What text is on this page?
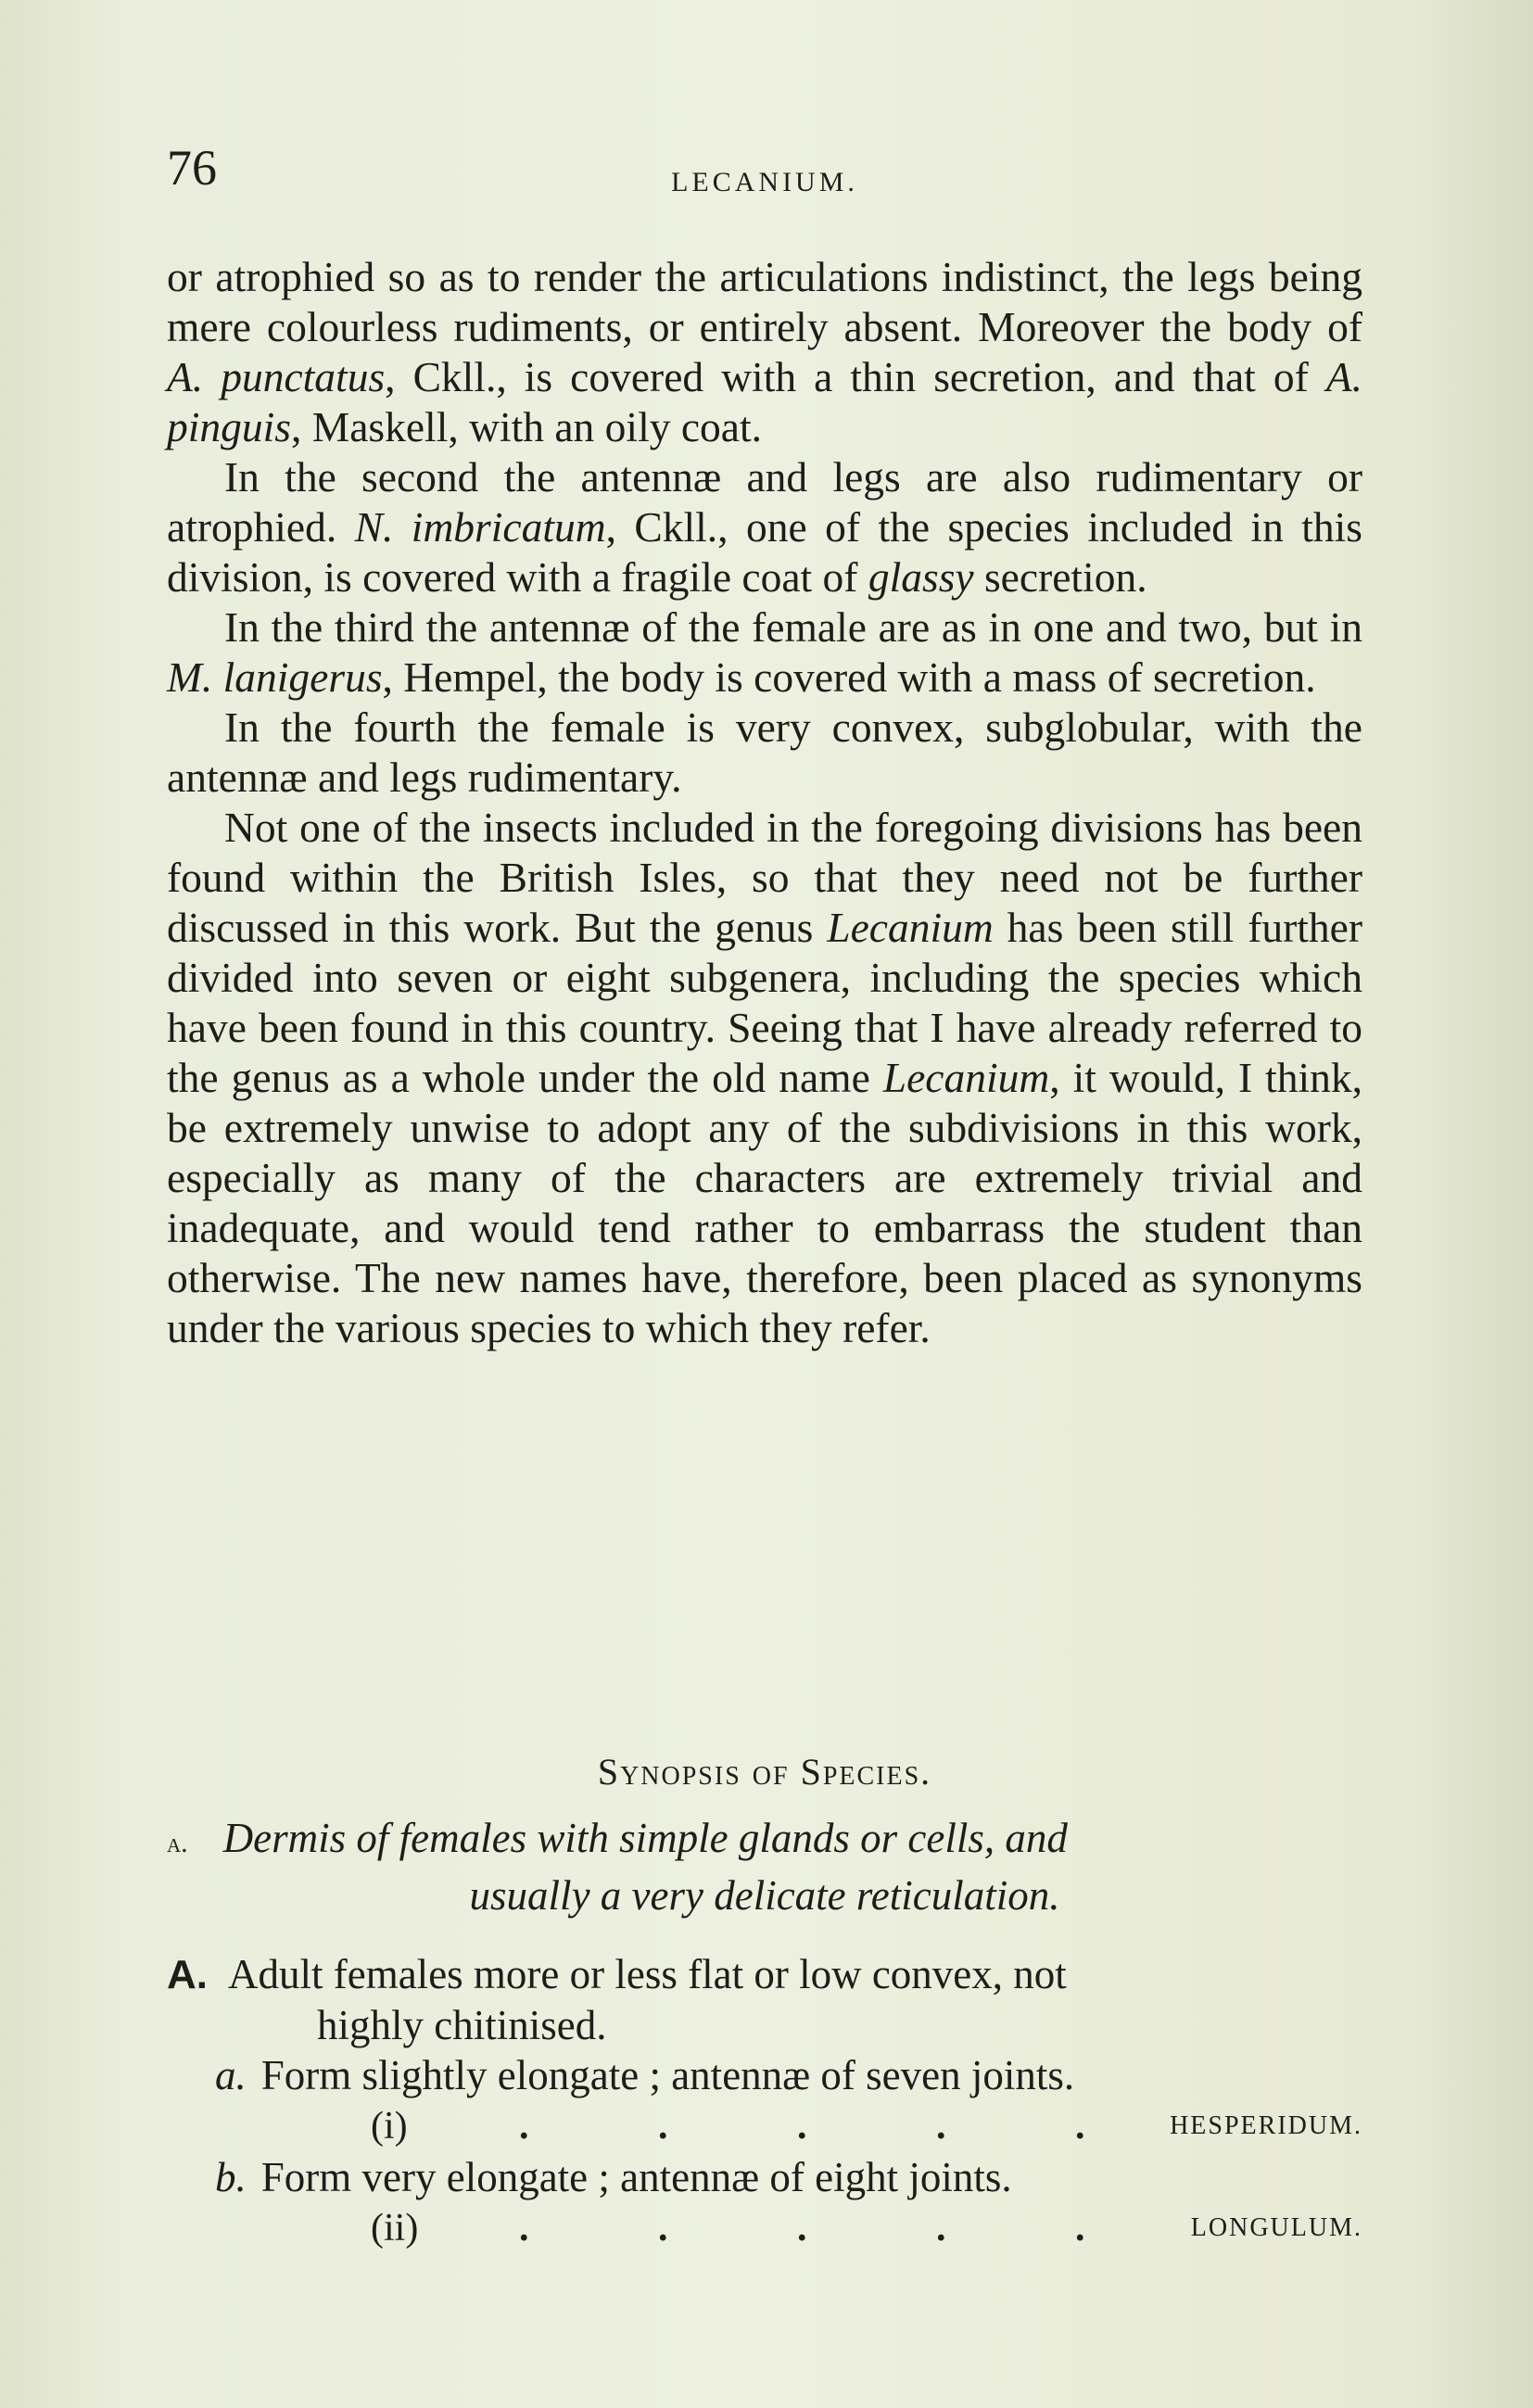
76	LECANIUM.

or atrophied so as to render the articulations indistinct, the legs being mere colourless rudiments, or entirely absent. Moreover the body of A. punctatus, Ckll., is covered with a thin secretion, and that of A. pinguis, Maskell, with an oily coat.

In the second the antennæ and legs are also rudimentary or atrophied. N. imbricatum, Ckll., one of the species included in this division, is covered with a fragile coat of glassy secretion.

In the third the antennæ of the female are as in one and two, but in M. lanigerus, Hempel, the body is covered with a mass of secretion.

In the fourth the female is very convex, subglobular, with the antennæ and legs rudimentary.

Not one of the insects included in the foregoing divisions has been found within the British Isles, so that they need not be further discussed in this work. But the genus Lecanium has been still further divided into seven or eight subgenera, including the species which have been found in this country. Seeing that I have already referred to the genus as a whole under the old name Lecanium, it would, I think, be extremely unwise to adopt any of the subdivisions in this work, especially as many of the characters are extremely trivial and inadequate, and would tend rather to embarrass the student than otherwise. The new names have, therefore, been placed as synonyms under the various species to which they refer.

Synopsis of Species.
a. Dermis of females with simple glands or cells, and
usually a very delicate reticulation.
A. Adult females more or less flat or low convex, not
highly chitinised.
a. Form slightly elongate ; antennæ of seven joints.
(i)	.	.	.	.	.	HESPERIDUM.
b. Form very elongate ; antennæ of eight joints.
(ii)	.	.	.	.	.	LONGULUM.
